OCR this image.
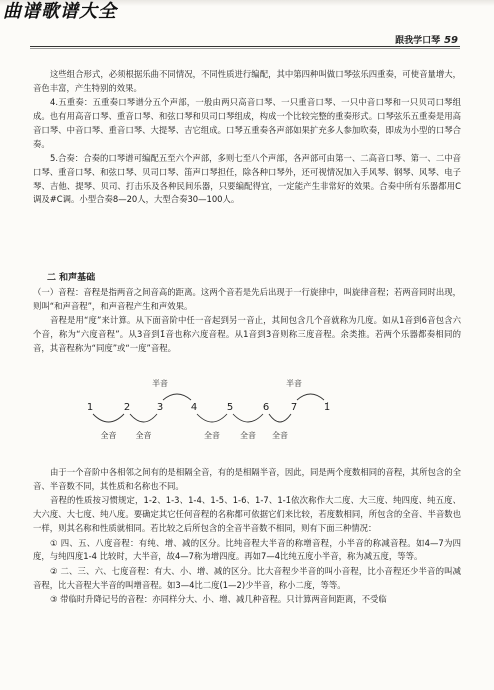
曲谱歌谱大全
跟我学口琴 59

这些组合形式，必须根据乐曲不同情况，不同性质进行编配，其中第四种叫做口琴弦乐四重奏，可使音量增大，音色丰富，产生特别的效果。

4.五重奏：五重奏口琴谱分五个声部，一般由两只高音口琴、一只重音口琴、一只中音口琴和一只贝司口琴组成。也有用高音口琴、重音口琴、和弦口琴和贝司口琴组成，构成一个比较完整的重奏形式。口琴弦乐五重奏是用高音口琴、中音口琴、重音口琴、大提琴、吉它组成。口琴五重奏各声部如果扩充多人参加吹奏，即成为小型的口琴合奏。

5.合奏：合奏的口琴谱可编配五至六个声部，多则七至八个声部，各声部可由第一、二高音口琴、第一、二中音口琴、重音口琴、和弦口琴、贝司口琴、笛声口琴担任，除各种口琴外，还可视情况加入手风琴、钢琴、风琴、电子琴、吉他、提琴、贝司、打击乐及各种民间乐器，只要编配得宜，一定能产生非常好的效果。合奏中所有乐器都用C调及#C调。小型合奏8—20人，大型合奏30—100人。

二 和声基础

（一）音程：音程是指两音之间音高的距离。这两个音若是先后出现于一行旋律中，叫旋律音程；若两音同时出现，则叫“和声音程”，和声音程产生和声效果。

音程是用“度”来计算。从下面音阶中任一音起到另一音止，其间包含几个音就称为几度。如从1音到6音包含六个音，称为“六度音程”。从3音到1̇音也称六度音程。从1音到3音则称三度音程。余类推。若两个乐器都奏相同的音，其音程称为“同度”或“一度”音程。

半音	半音
1	2	3	4	5	6 7	1̇
全音 全音	全音	全音 全音

由于一个音阶中各相邻之间有的是相隔全音，有的是相隔半音，因此，同是两个度数相同的音程，其所包含的全音、半音数不同，其性质和名称也不同。

音程的性质按习惯规定，1-2、1-3、1-4、1-5、1-6、1-7、1-1̇依次称作大二度、大三度、纯四度、纯五度、大六度、大七度、纯八度。要确定其它任何音程的名称都可依据它们来比较，若度数相同，所包含的全音、半音数也一样，则其名称和性质就相同。若比较之后所包含的全音半音数不相同，则有下面三种情况：

① 四、五、八度音程：有纯、增、减的区分。比纯音程大半音的称增音程，小半音的称减音程。如4—7为四度，与纯四度1-4 比较时，大半音，故4—7称为增四度。再如7—4̇比纯五度小半音，称为减五度，等等。

② 二、三、六、七度音程：有大、小、增、减的区分。比大音程少半音的叫小音程，比小音程还少半音的叫减音程，比大音程大半音的叫增音程。如3—4比二度(1—2)少半音，称小二度，等等。

③ 带临时升降记号的音程：亦同样分大、小、增、减几种音程。只计算两音间距离，不受临
